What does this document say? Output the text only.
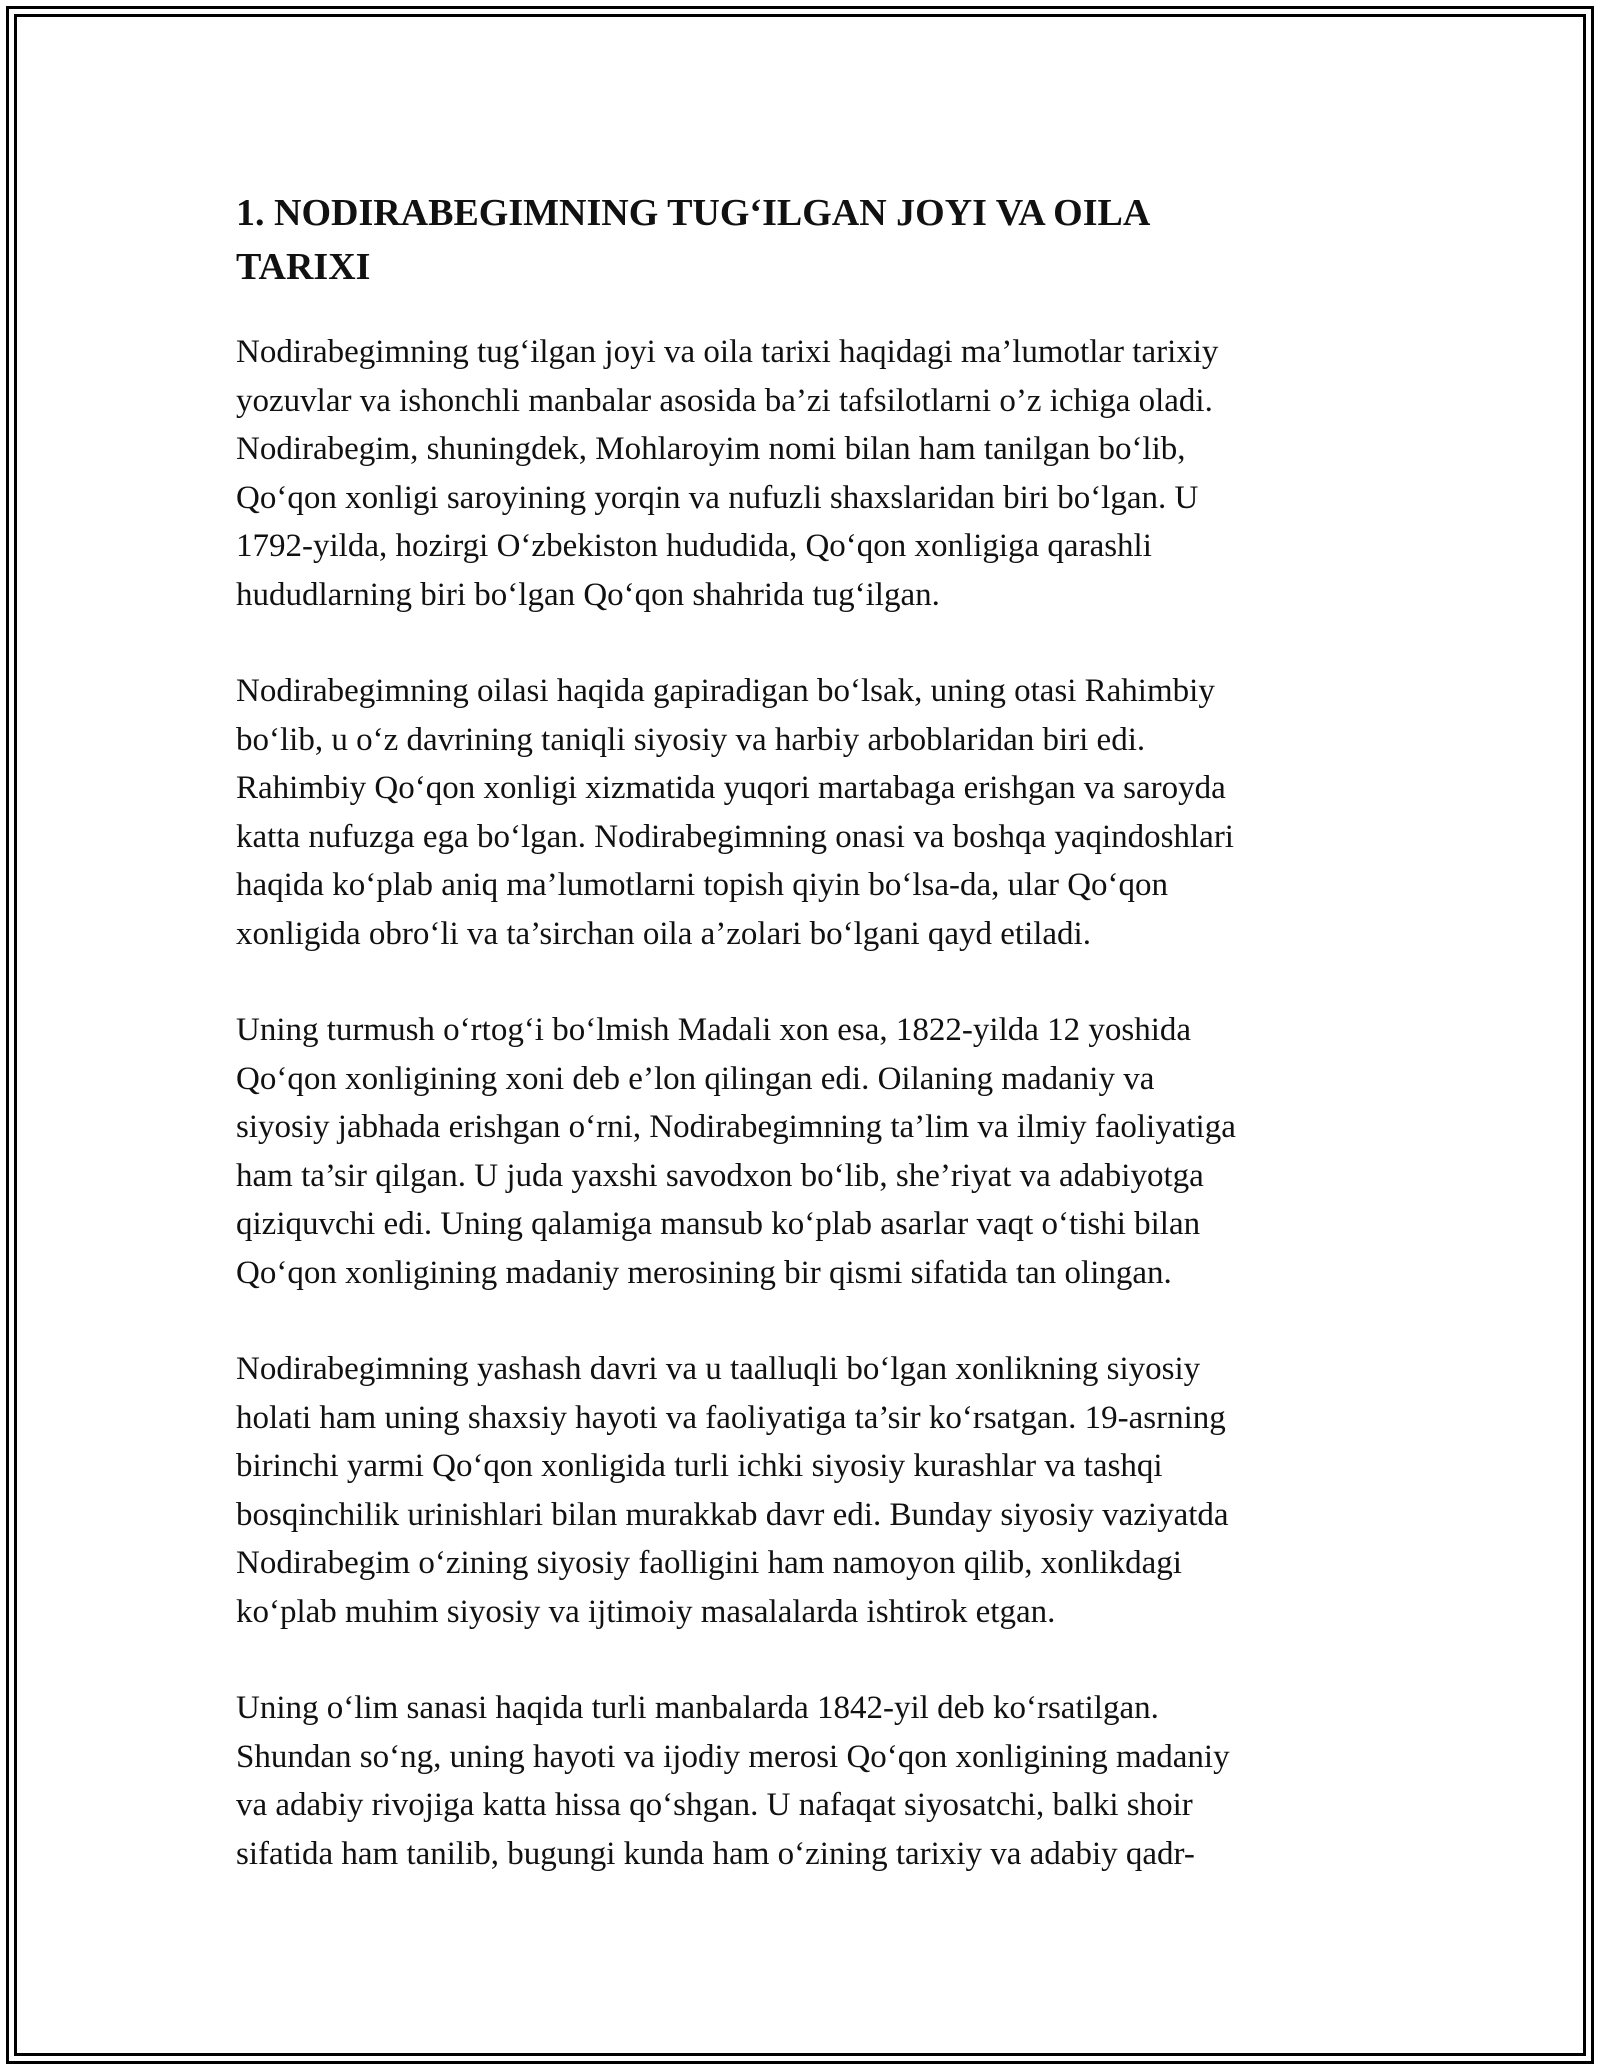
1. NODIRABEGIMNING TUG‘ILGAN JOYI VA OILA
TARIXI

Nodirabegimning tug‘ilgan joyi va oila tarixi haqidagi ma’lumotlar tarixiy
yozuvlar va ishonchli manbalar asosida ba’zi tafsilotlarni o’z ichiga oladi.
Nodirabegim, shuningdek, Mohlaroyim nomi bilan ham tanilgan bo‘lib,
Qo‘qon xonligi saroyining yorqin va nufuzli shaxslaridan biri bo‘lgan. U
1792-yilda, hozirgi O‘zbekiston hududida, Qo‘qon xonligiga qarashli
hududlarning biri bo‘lgan Qo‘qon shahrida tug‘ilgan.

Nodirabegimning oilasi haqida gapiradigan bo‘lsak, uning otasi Rahimbiy
bo‘lib, u o‘z davrining taniqli siyosiy va harbiy arboblaridan biri edi.
Rahimbiy Qo‘qon xonligi xizmatida yuqori martabaga erishgan va saroyda
katta nufuzga ega bo‘lgan. Nodirabegimning onasi va boshqa yaqindoshlari
haqida ko‘plab aniq ma’lumotlarni topish qiyin bo‘lsa-da, ular Qo‘qon
xonligida obro‘li va ta’sirchan oila a’zolari bo‘lgani qayd etiladi.

Uning turmush o‘rtog‘i bo‘lmish Madali xon esa, 1822-yilda 12 yoshida
Qo‘qon xonligining xoni deb e’lon qilingan edi. Oilaning madaniy va
siyosiy jabhada erishgan o‘rni, Nodirabegimning ta’lim va ilmiy faoliyatiga
ham ta’sir qilgan. U juda yaxshi savodxon bo‘lib, she’riyat va adabiyotga
qiziquvchi edi. Uning qalamiga mansub ko‘plab asarlar vaqt o‘tishi bilan
Qo‘qon xonligining madaniy merosining bir qismi sifatida tan olingan.

Nodirabegimning yashash davri va u taalluqli bo‘lgan xonlikning siyosiy
holati ham uning shaxsiy hayoti va faoliyatiga ta’sir ko‘rsatgan. 19-asrning
birinchi yarmi Qo‘qon xonligida turli ichki siyosiy kurashlar va tashqi
bosqinchilik urinishlari bilan murakkab davr edi. Bunday siyosiy vaziyatda
Nodirabegim o‘zining siyosiy faolligini ham namoyon qilib, xonlikdagi
ko‘plab muhim siyosiy va ijtimoiy masalalarda ishtirok etgan.

Uning o‘lim sanasi haqida turli manbalarda 1842-yil deb ko‘rsatilgan.
Shundan so‘ng, uning hayoti va ijodiy merosi Qo‘qon xonligining madaniy
va adabiy rivojiga katta hissa qo‘shgan. U nafaqat siyosatchi, balki shoir
sifatida ham tanilib, bugungi kunda ham o‘zining tarixiy va adabiy qadr-
